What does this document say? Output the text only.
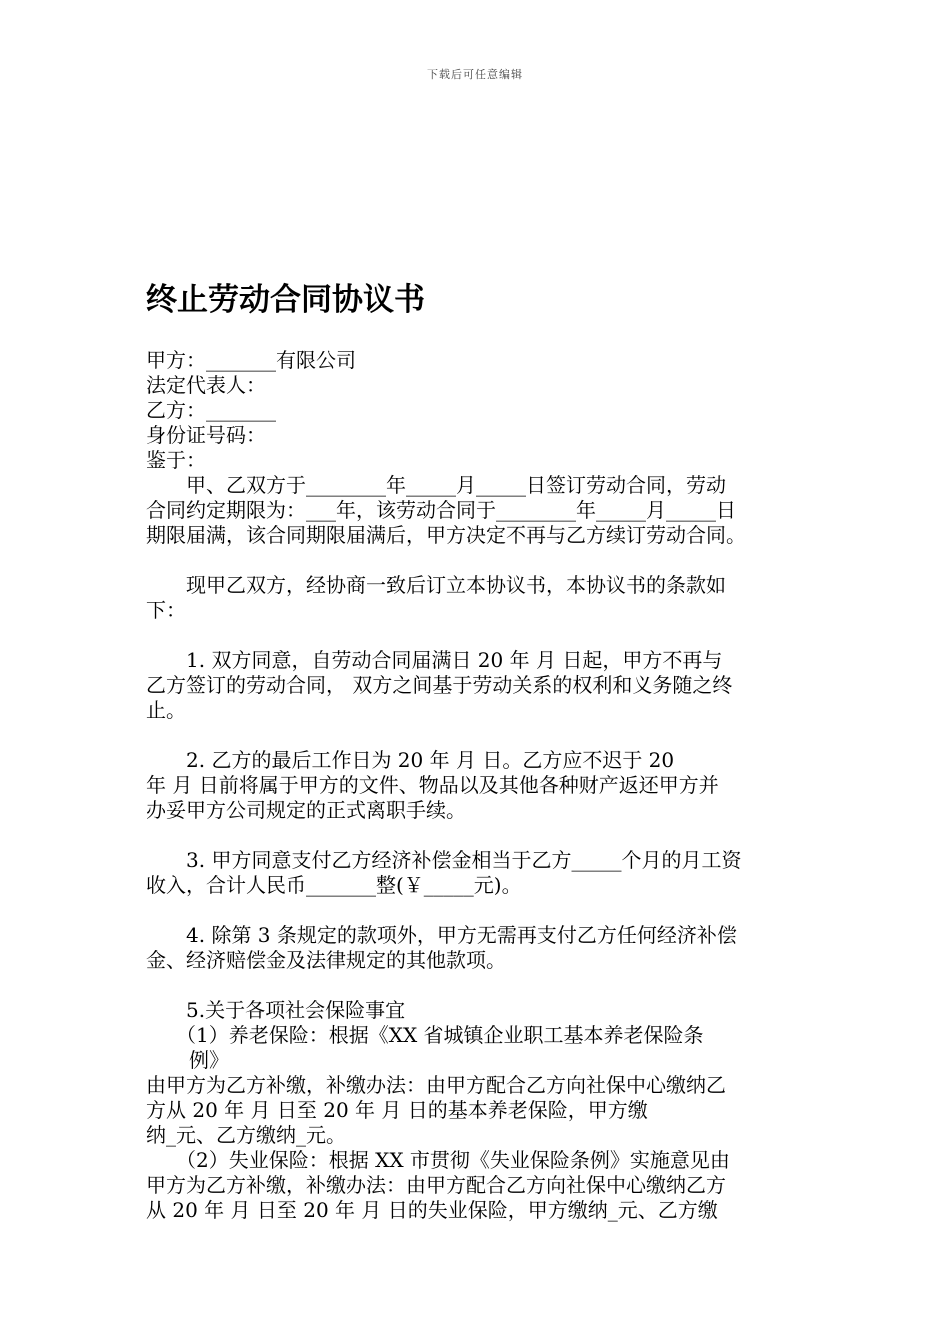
下载后可任意编辑
终止劳动合同协议书
甲方：_______有限公司
法定代表人：
乙方：_______
身份证号码：
鉴于：
甲、乙双方于________年_____月_____日签订劳动合同，劳动
合同约定期限为：___年，该劳动合同于________年_____月_____日
期限届满，该合同期限届满后，甲方决定不再与乙方续订劳动合同。
现甲乙双方，经协商一致后订立本协议书，本协议书的条款如
下：
1. 双方同意，自劳动合同届满日 20 年 月 日起，甲方不再与
乙方签订的劳动合同， 双方之间基于劳动关系的权利和义务随之终
止。
2. 乙方的最后工作日为 20 年 月 日。乙方应不迟于 20
年 月 日前将属于甲方的文件、物品以及其他各种财产返还甲方并
办妥甲方公司规定的正式离职手续。
3. 甲方同意支付乙方经济补偿金相当于乙方_____个月的月工资
收入，合计人民币_______整(￥_____元)。
4. 除第 3 条规定的款项外，甲方无需再支付乙方任何经济补偿
金、经济赔偿金及法律规定的其他款项。
5.关于各项社会保险事宜
（1）养老保险：根据《XX 省城镇企业职工基本养老保险条
例》
由甲方为乙方补缴，补缴办法：由甲方配合乙方向社保中心缴纳乙
方从 20 年 月 日至 20 年 月 日的基本养老保险，甲方缴
纳_元、乙方缴纳_元。
（2）失业保险：根据 XX 市贯彻《失业保险条例》实施意见由
甲方为乙方补缴，补缴办法：由甲方配合乙方向社保中心缴纳乙方
从 20 年 月 日至 20 年 月 日的失业保险，甲方缴纳_元、乙方缴
